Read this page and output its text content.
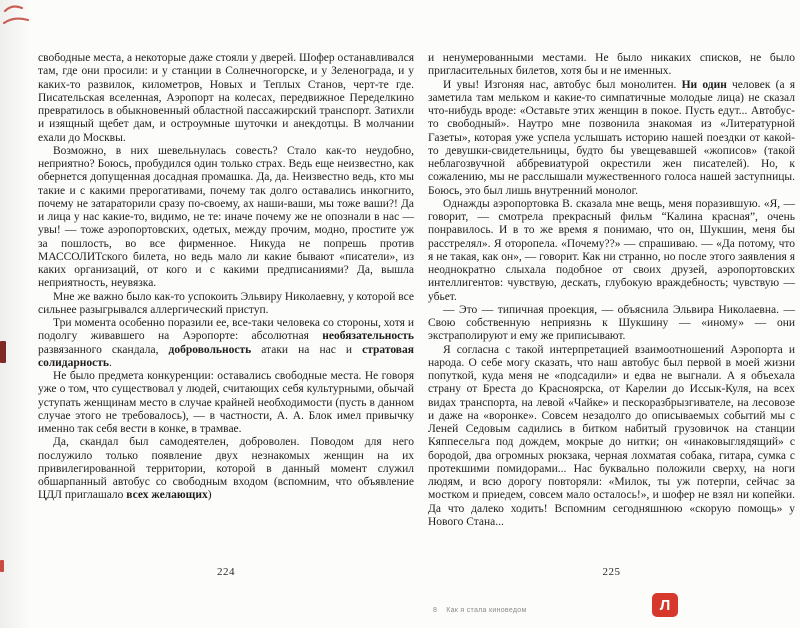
свободные места, а некоторые даже стояли у дверей. Шофер останавливался там, где они просили: и у станции в Солнечногорске, и у Зеленограда, и у каких-то развилок, километров, Новых и Теплых Станов, черт-те где. Писательская вселенная, Аэропорт на колесах, передвижное Переделкино превратилось в обыкновенный областной пассажирский транспорт. Затихли и изящный щебет дам, и остроумные шуточки и анекдотцы. В молчании ехали до Москвы.

Возможно, в них шевельнулась совесть? Стало как-то неудобно, неприятно? Боюсь, пробудился один только страх. Ведь еще неизвестно, как обернется допущенная досадная промашка. Да, да. Неизвестно ведь, кто мы такие и с какими прерогативами, почему так долго оставались инкогнито, почему не затараторили сразу по-своему, ах наши-ваши, мы тоже ваши?! Да и лица у нас какие-то, видимо, не те: иначе почему же не опознали в нас — увы! — тоже аэропортовских, одетых, между прочим, модно, простите уж за пошлость, во все фирменное. Никуда не попрешь против МАССОЛИТского билета, но ведь мало ли какие бывают «писатели», из каких организаций, от кого и с какими предписаниями? Да, вышла неприятность, неувязка.

Мне же важно было как-то успокоить Эльвиру Николаевну, у которой все сильнее разыгрывался аллергический приступ.

Три момента особенно поразили ее, все-таки человека со стороны, хотя и подолгу живавшего на Аэропорте: абсолютная необязательность развязанного скандала, добровольность атаки на нас и стратовая солидарность.

Не было предмета конкуренции: оставались свободные места. Не говоря уже о том, что существовал у людей, считающих себя культурными, обычай уступать женщинам место в случае крайней необходимости (пусть в данном случае этого не требовалось), — в частности, А. А. Блок имел привычку именно так себя вести в конке, в трамвае.

Да, скандал был самодеятелен, доброволен. Поводом для него послужило только появление двух незнакомых женщин на их привилегированной территории, которой в данный момент служил обшарпанный автобус со свободным входом (вспомним, что объявление ЦДЛ приглашало всех желающих)

и ненумерованными местами. Не было никаких списков, не было пригласительных билетов, хотя бы и не именных.

И увы! Изгоняя нас, автобус был монолитен. Ни один человек (а я заметила там мельком и какие-то симпатичные молодые лица) не сказал что-нибудь вроде: «Оставьте этих женщин в покое. Пусть едут... Автобус-то свободный». Наутро мне позвонила знакомая из «Литературной Газеты», которая уже успела услышать историю нашей поездки от какой-то девушки-свидетельницы, будто бы увещевавшей «жописов» (такой неблагозвучной аббревиатурой окрестили жен писателей). Но, к сожалению, мы не расслышали мужественного голоса нашей заступницы. Боюсь, это был лишь внутренний монолог.

Однажды аэропортовка В. сказала мне вещь, меня поразившую. «Я, — говорит, — смотрела прекрасный фильм “Калина красная”, очень понравилось. И в то же время я понимаю, что он, Шукшин, меня бы расстрелял». Я оторопела. «Почему??» — спрашиваю. — «Да потому, что я не такая, как он», — говорит. Как ни странно, но после этого заявления я неоднократно слыхала подобное от своих друзей, аэропортовских интеллигентов: чувствую, дескать, глубокую враждебность; чувствую — убьет.

— Это — типичная проекция, — объяснила Эльвира Николаевна. — Свою собственную неприязнь к Шукшину — «иному» — они экстраполируют и ему же приписывают.

Я согласна с такой интерпретацией взаимоотношений Аэропорта и народа. О себе могу сказать, что наш автобус был первой в моей жизни попуткой, куда меня не «подсадили» и едва не выгнали. А я объехала страну от Бреста до Красноярска, от Карелии до Иссык-Куля, на всех видах транспорта, на левой «Чайке» и пескоразбрызгивателе, на лесовозе и даже на «воронке». Совсем незадолго до описываемых событий мы с Леней Седовым садились в битком набитый грузовичок на станции Кяппесельга под дождем, мокрые до нитки; он «инаковыглядящий» с бородой, два огромных рюкзака, черная лохматая собака, гитара, сумка с протекшими помидорами... Нас буквально положили сверху, на ноги людям, и всю дорогу повторяли: «Милок, ты уж потерпи, сейчас за мостком и приедем, совсем мало осталось!», и шофер не взял ни копейки. Да что далеко ходить! Вспомним сегодняшнюю «скорую помощь» у Нового Стана...

224	225
8 Как я стала киноведом	Л
